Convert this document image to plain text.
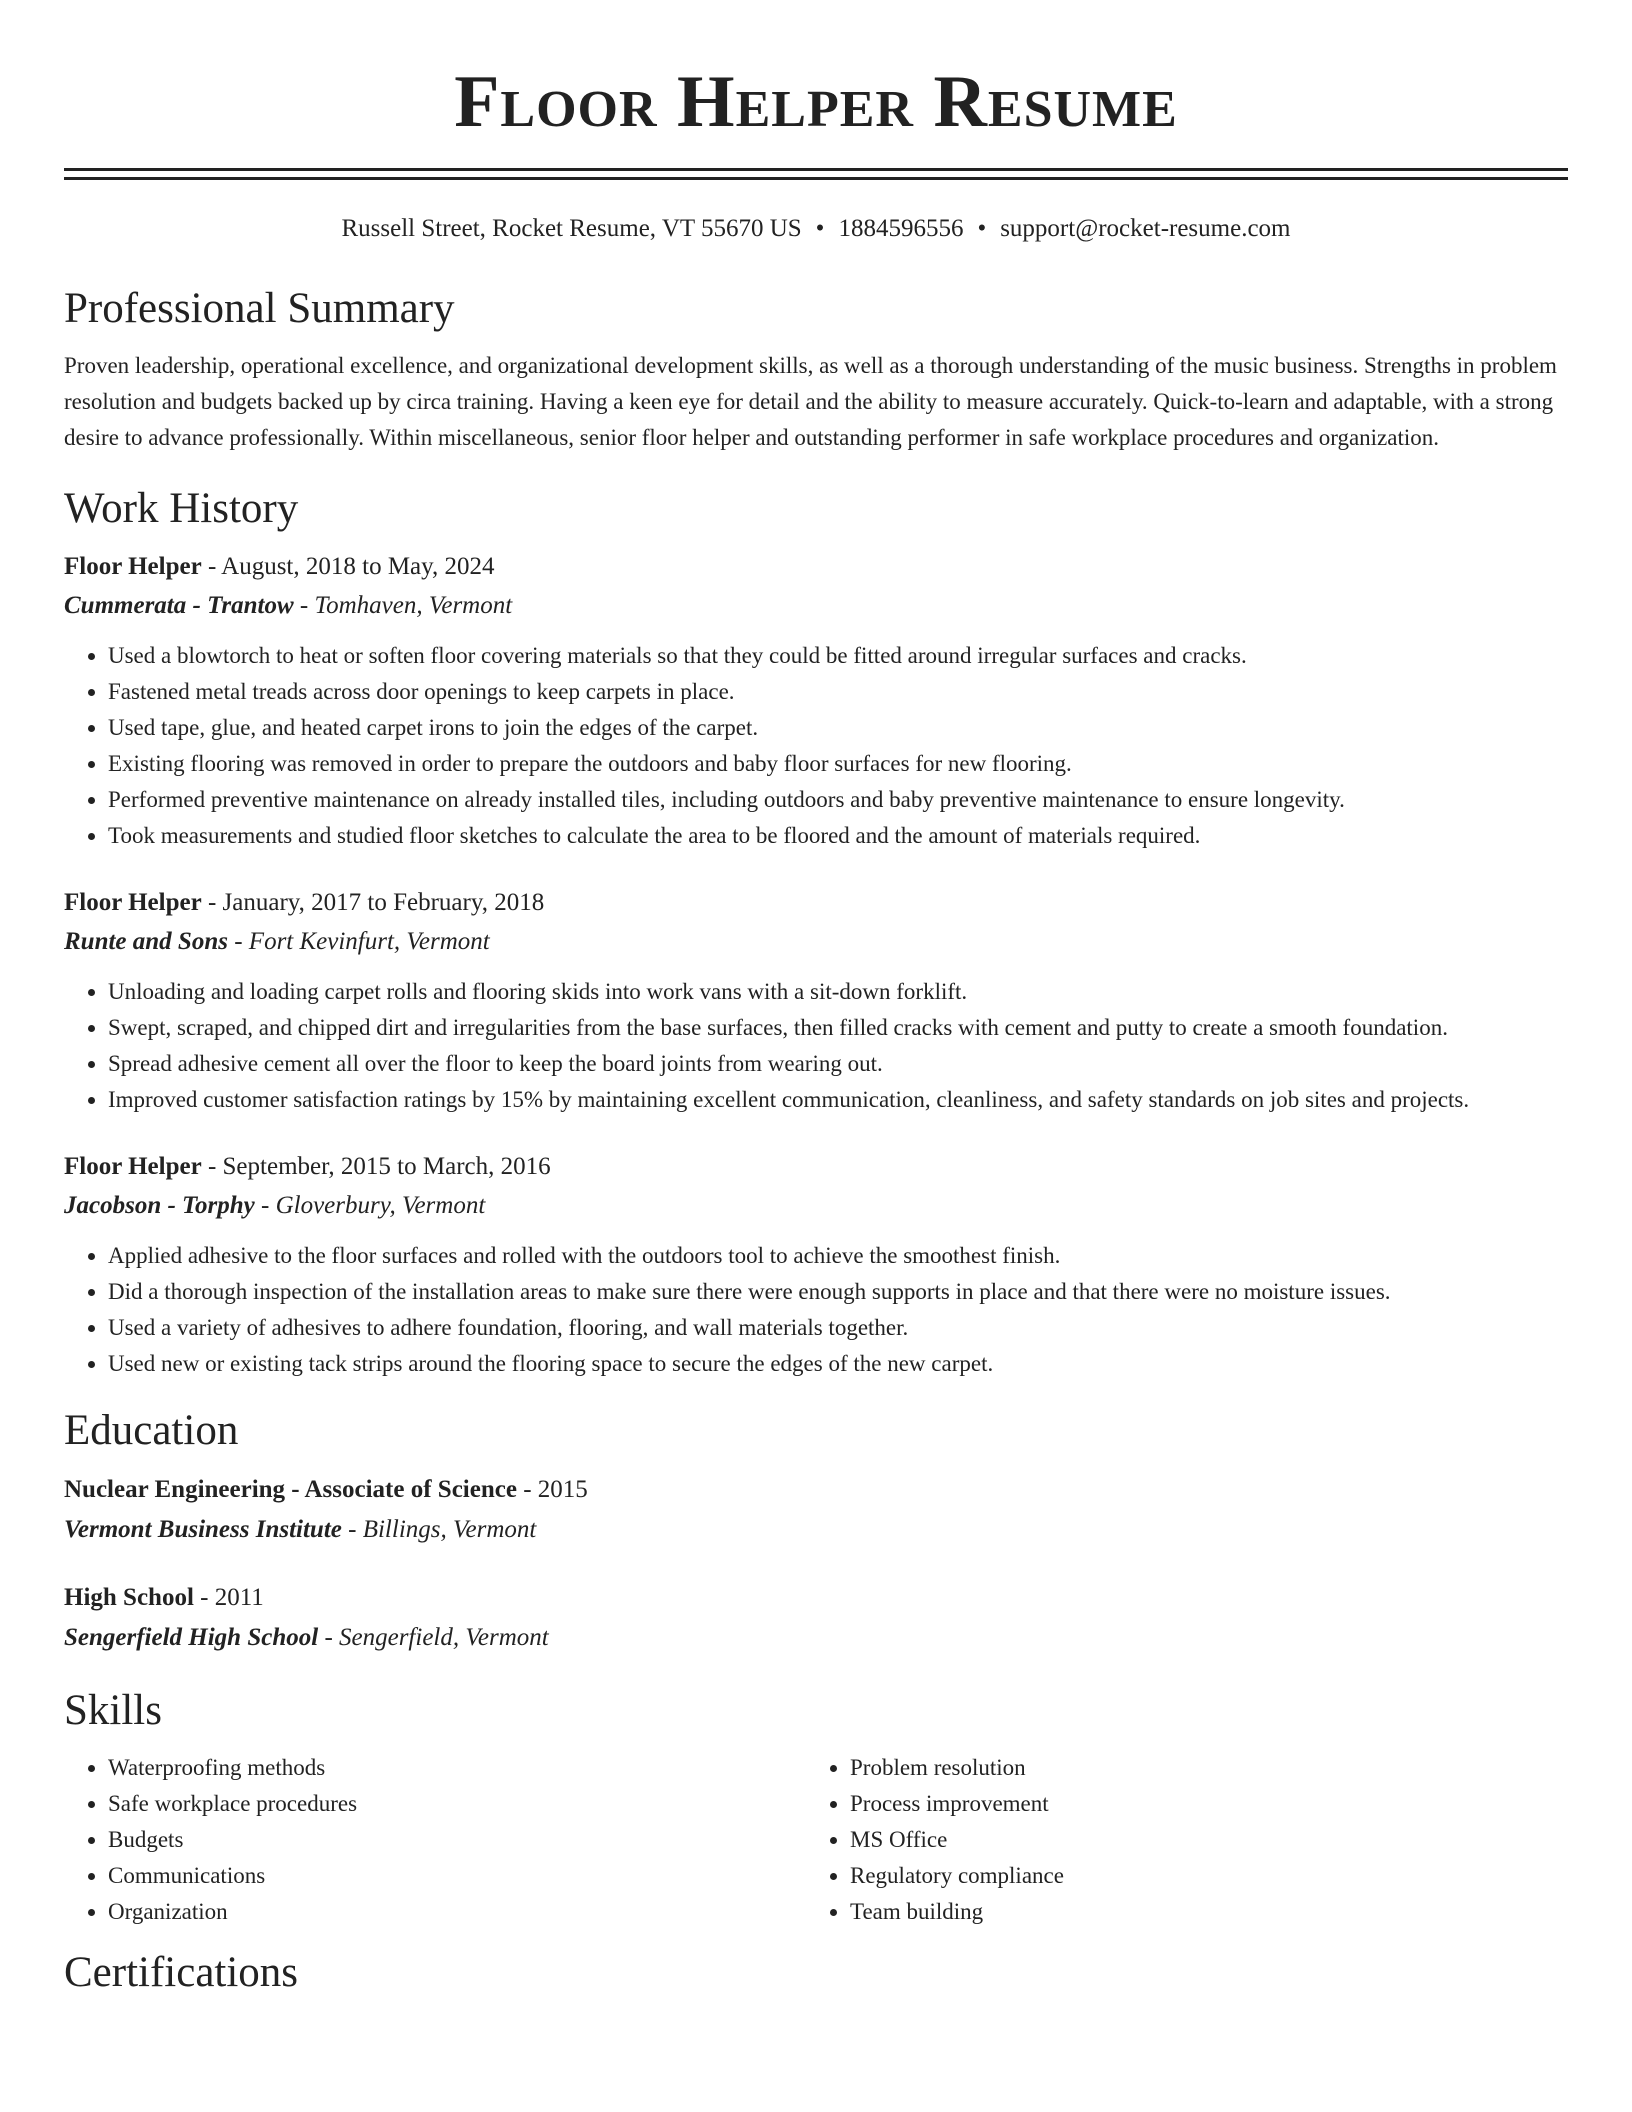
Floor Helper Resume
Russell Street, Rocket Resume, VT 55670 US • 1884596556 • support@rocket-resume.com
Professional Summary
Proven leadership, operational excellence, and organizational development skills, as well as a thorough understanding of the music business. Strengths in problem resolution and budgets backed up by circa training. Having a keen eye for detail and the ability to measure accurately. Quick-to-learn and adaptable, with a strong desire to advance professionally. Within miscellaneous, senior floor helper and outstanding performer in safe workplace procedures and organization.
Work History
Floor Helper - August, 2018 to May, 2024
Cummerata - Trantow - Tomhaven, Vermont
• Used a blowtorch to heat or soften floor covering materials so that they could be fitted around irregular surfaces and cracks.
• Fastened metal treads across door openings to keep carpets in place.
• Used tape, glue, and heated carpet irons to join the edges of the carpet.
• Existing flooring was removed in order to prepare the outdoors and baby floor surfaces for new flooring.
• Performed preventive maintenance on already installed tiles, including outdoors and baby preventive maintenance to ensure longevity.
• Took measurements and studied floor sketches to calculate the area to be floored and the amount of materials required.
Floor Helper - January, 2017 to February, 2018
Runte and Sons - Fort Kevinfurt, Vermont
• Unloading and loading carpet rolls and flooring skids into work vans with a sit-down forklift.
• Swept, scraped, and chipped dirt and irregularities from the base surfaces, then filled cracks with cement and putty to create a smooth foundation.
• Spread adhesive cement all over the floor to keep the board joints from wearing out.
• Improved customer satisfaction ratings by 15% by maintaining excellent communication, cleanliness, and safety standards on job sites and projects.
Floor Helper - September, 2015 to March, 2016
Jacobson - Torphy - Gloverbury, Vermont
• Applied adhesive to the floor surfaces and rolled with the outdoors tool to achieve the smoothest finish.
• Did a thorough inspection of the installation areas to make sure there were enough supports in place and that there were no moisture issues.
• Used a variety of adhesives to adhere foundation, flooring, and wall materials together.
• Used new or existing tack strips around the flooring space to secure the edges of the new carpet.
Education
Nuclear Engineering - Associate of Science - 2015
Vermont Business Institute - Billings, Vermont
High School - 2011
Sengerfield High School - Sengerfield, Vermont
Skills
• Waterproofing methods
• Safe workplace procedures
• Budgets
• Communications
• Organization
• Problem resolution
• Process improvement
• MS Office
• Regulatory compliance
• Team building
Certifications
